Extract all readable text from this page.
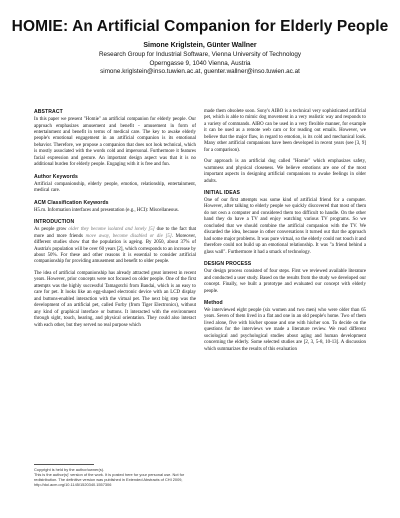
HOMIE: An Artificial Companion for Elderly People
Simone Kriglstein, Günter Wallner
Research Group for Industrial Software, Vienna University of Technology
Operngasse 9, 1040 Vienna, Austria
simone.kriglstein@inso.tuwien.ac.at, guenter.wallner@inso.tuwien.ac.at
ABSTRACT
In this paper we present "Homie" an artificial companion for elderly people. Our approach emphasizes amusement and benefit - amusement in form of entertainment and benefit in terms of medical care. The key to awake elderly people's emotional engagement in an artificial companion is its emotional behavior. Therefore, we propose a companion that does not look technical, which is mostly associated with the words cold and impersonal. Furthermore it features facial expression and gesture. An important design aspect was that it is no additional burden for elderly people. Engaging with it is free and fun.
Author Keywords
Artificial companionship, elderly people, emotion, relationship, entertainment, medical care.
ACM Classification Keywords
H5.m. Information interfaces and presentation (e.g., HCI): Miscellaneous.
INTRODUCTION
As people grow older they become isolated and lonely [5] due to the fact that more and more friends move away, become disabled or die [5]. Moreover, different studies show that the population is ageing. By 2050, about 37% of Austria's population will be over 60 years [2], which corresponds to an increase by about 50%. For these and other reasons it is essential to consider artificial companionship for providing amusement and benefit to older people.
The idea of artificial companionship has already attracted great interest in recent years. However, prior concepts were not focused on older people. One of the first attempts was the highly successful Tamagotchi from Bandai, which is an easy to care for pet. It looks like an egg-shaped electronic device with an LCD display and buttons-enabled interaction with the virtual pet. The next big step was the development of an artificial pet, called Furby (from Tiger Electronics), without any kind of graphical interface or buttons. It interacted with the environment through sight, touch, hearing, and physical orientation. They could also interact with each other, but they served no real purpose which
Copyright is held by the author/owner(s).
This is the author(s)' version of the work. It is posted here for your personal use. Not for redistribution. The definitive version was published in Extended Abstracts of CHI 2009,
http://doi.acm.org/10.1145/1520340.1557306
made them obsolete soon. Sony's AIBO is a technical very sophisticated artificial pet, which is able to mimic dog movement in a very realistic way and responds to a variety of commands. AIBO can be used in a very flexible manner, for example it can be used as a remote web cam or for reading out emails. However, we believe that the major flaw, in regard to emotion, is its cold and mechanical look. Many other artificial companions have been developed in recent years (see [3, 9] for a comparison).
Our approach is an artificial dog called "Homie" which emphasizes safety, warmness and physical closeness. We believe emotions are one of the most important aspects in designing artificial companions to awake feelings in older adults.
INITIAL IDEAS
One of our first attempts was some kind of artificial friend for a computer. However, after talking to elderly people we quickly discovered that most of them do not own a computer and considered them too difficult to handle. On the other hand they do have a TV and enjoy watching various TV programs. So we concluded that we should combine the artificial companion with the TV. We discarded the idea, because in other conversations it turned out that the approach had some major problems. It was pure virtual, so the elderly could not touch it and therefore could not build up an emotional relationship. It was "a friend behind a glass wall". Furthermore it had a smack of technology.
DESIGN PROCESS
Our design process consisted of four steps. First we reviewed available literature and conducted a user study. Based on the results from the study we developed our concept. Finally, we built a prototype and evaluated our concept with elderly people.
Method
We interviewed eight people (six women and two men) who were older than 65 years. Seven of them lived in a flat and one in an old people's home. Two of them lived alone, five with his/her spouse and one with his/her son. To decide on the questions for the interviews we made a literature review. We read different sociological and psychological studies about aging and human development concerning the elderly. Some selected studies are [2, 3, 5-8, 10-13]. A discussion which summarizes the results of this evaluation
